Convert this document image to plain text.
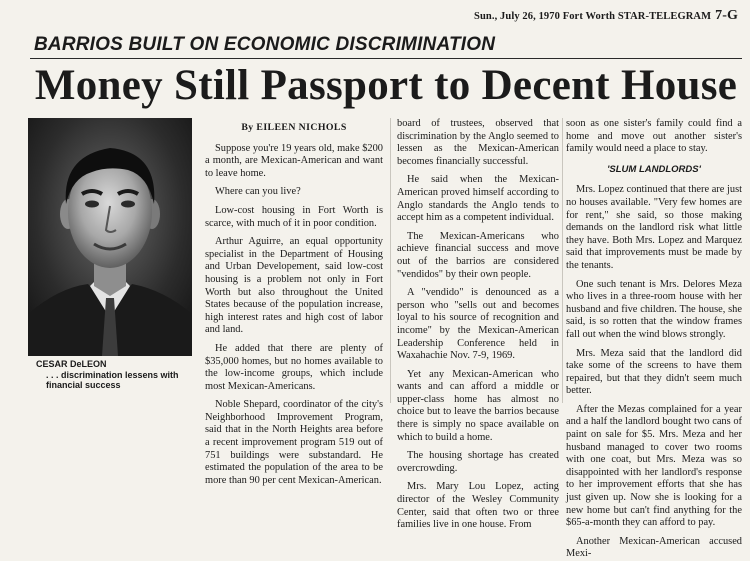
Sun., July 26, 1970 Fort Worth STAR-TELEGRAM 7-G
BARRIOS BUILT ON ECONOMIC DISCRIMINATION
Money Still Passport to Decent House
CESAR DeLEON
. . . discrimination lessens with financial success
By EILEEN NICHOLS

Suppose you're 19 years old, make $200 a month, are Mexican-American and want to leave home.

Where can you live?

Low-cost housing in Fort Worth is scarce, with much of it in poor condition.

Arthur Aguirre, an equal opportunity specialist in the Department of Housing and Urban Developement, said low-cost housing is a problem not only in Fort Worth but also throughout the United States because of the population increase, high interest rates and high cost of labor and land.

He added that there are plenty of $35,000 homes, but no homes available to the low-income groups, which include most Mexican-Americans.

Noble Shepard, coordinator of the city's Neighborhood Improvement Program, said that in the North Heights area before a recent improvement program 519 out of 751 buildings were substandard. He estimated the population of the area to be more than 90 per cent Mexican-American.

board of trustees, observed that discrimination by the Anglo seemed to lessen as the Mexican-American becomes financially successful.

He said when the Mexican-American proved himself according to Anglo standards the Anglo tends to accept him as a competent individual.

The Mexican-Americans who achieve financial success and move out of the barrios are considered "vendidos" by their own people.

A "vendido" is denounced as a person who "sells out and becomes loyal to his source of recognition and income" by the Mexican-American Leadership Conference held in Waxahachie Nov. 7-9, 1969.

Yet any Mexican-American who wants and can afford a middle or upper-class home has almost no choice but to leave the barrios because there is simply no space available on which to build a home.

The housing shortage has created overcrowding.

Mrs. Mary Lou Lopez, acting director of the Wesley Community Center, said that often two or three families live in one house. From

soon as one sister's family could find a home and move out another sister's family would need a place to stay.

'SLUM LANDLORDS'

Mrs. Lopez continued that there are just no houses available. "Very few homes are for rent," she said, so those making demands on the landlord risk what little they have. Both Mrs. Lopez and Marquez said that improvements must be made by the tenants.

One such tenant is Mrs. Delores Meza who lives in a three-room house with her husband and five children. The house, she said, is so rotten that the window frames fall out when the wind blows strongly.

Mrs. Meza said that the landlord did take some of the screens to have them repaired, but that they didn't seem much better.

After the Mezas complained for a year and a half the landlord bought two cans of paint on sale for $5. Mrs. Meza and her husband managed to cover two rooms with one coat, but Mrs. Meza was so disappointed with her landlord's response to her improvement efforts that she has just given up. Now she is looking for a new home but can't find anything for the $65-a-month they can afford to pay.

Another Mexican-American accused Mexi-
